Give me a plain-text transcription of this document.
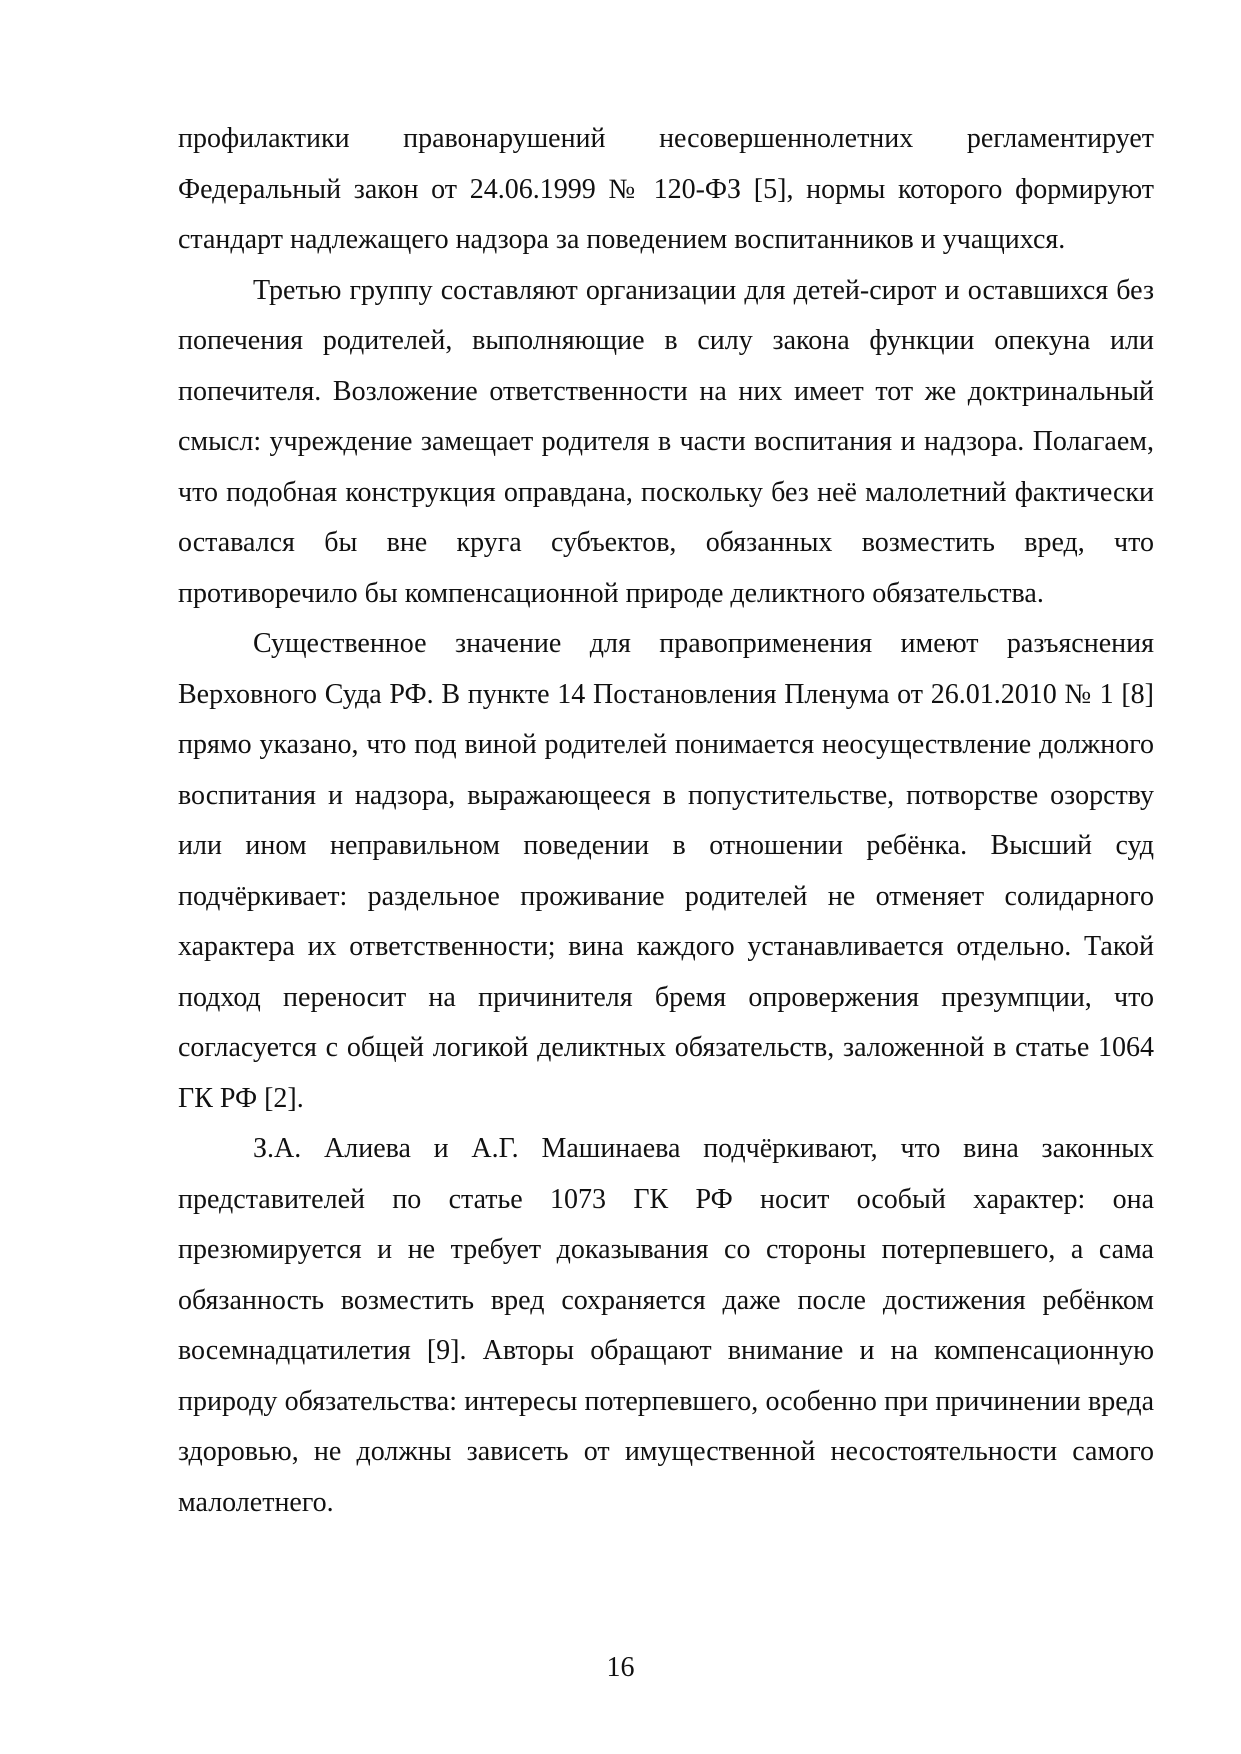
профилактики правонарушений несовершеннолетних регламентирует Федеральный закон от 24.06.1999 № 120-ФЗ [5], нормы которого формируют стандарт надлежащего надзора за поведением воспитанников и учащихся.

Третью группу составляют организации для детей-сирот и оставшихся без попечения родителей, выполняющие в силу закона функции опекуна или попечителя. Возложение ответственности на них имеет тот же доктринальный смысл: учреждение замещает родителя в части воспитания и надзора. Полагаем, что подобная конструкция оправдана, поскольку без неё малолетний фактически оставался бы вне круга субъектов, обязанных возместить вред, что противоречило бы компенсационной природе деликтного обязательства.

Существенное значение для правоприменения имеют разъяснения Верховного Суда РФ. В пункте 14 Постановления Пленума от 26.01.2010 № 1 [8] прямо указано, что под виной родителей понимается неосуществление должного воспитания и надзора, выражающееся в попустительстве, потворстве озорству или ином неправильном поведении в отношении ребёнка. Высший суд подчёркивает: раздельное проживание родителей не отменяет солидарного характера их ответственности; вина каждого устанавливается отдельно. Такой подход переносит на причинителя бремя опровержения презумпции, что согласуется с общей логикой деликтных обязательств, заложенной в статье 1064 ГК РФ [2].

З.А. Алиева и А.Г. Машинаева подчёркивают, что вина законных представителей по статье 1073 ГК РФ носит особый характер: она презюмируется и не требует доказывания со стороны потерпевшего, а сама обязанность возместить вред сохраняется даже после достижения ребёнком восемнадцатилетия [9]. Авторы обращают внимание и на компенсационную природу обязательства: интересы потерпевшего, особенно при причинении вреда здоровью, не должны зависеть от имущественной несостоятельности самого малолетнего.

16
